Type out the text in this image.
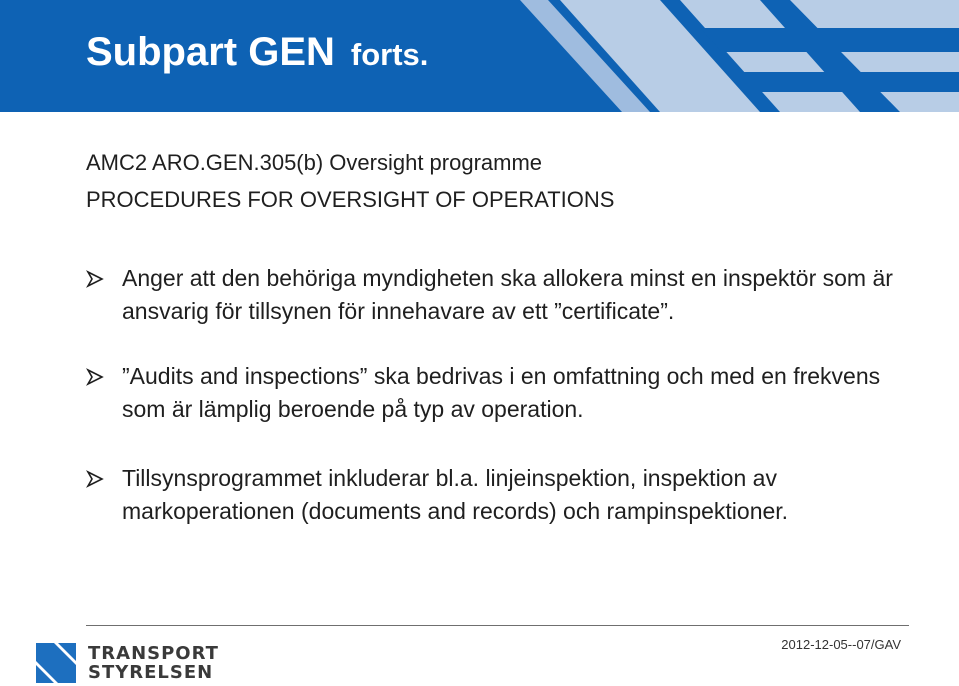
Subpart GEN forts.

AMC2 ARO.GEN.305(b) Oversight programme

PROCEDURES FOR OVERSIGHT OF OPERATIONS

Anger att den behöriga myndigheten ska allokera minst en inspektör som är ansvarig för tillsynen för innehavare av ett ”certificate”.
”Audits and inspections” ska bedrivas i en omfattning och med en frekvens som är lämplig beroende på typ av operation.
Tillsynsprogrammet inkluderar bl.a. linjeinspektion, inspektion av markoperationen (documents and records) och rampinspektioner.
TRANSPORT
STYRELSEN
2012-12-05--07/GAV
